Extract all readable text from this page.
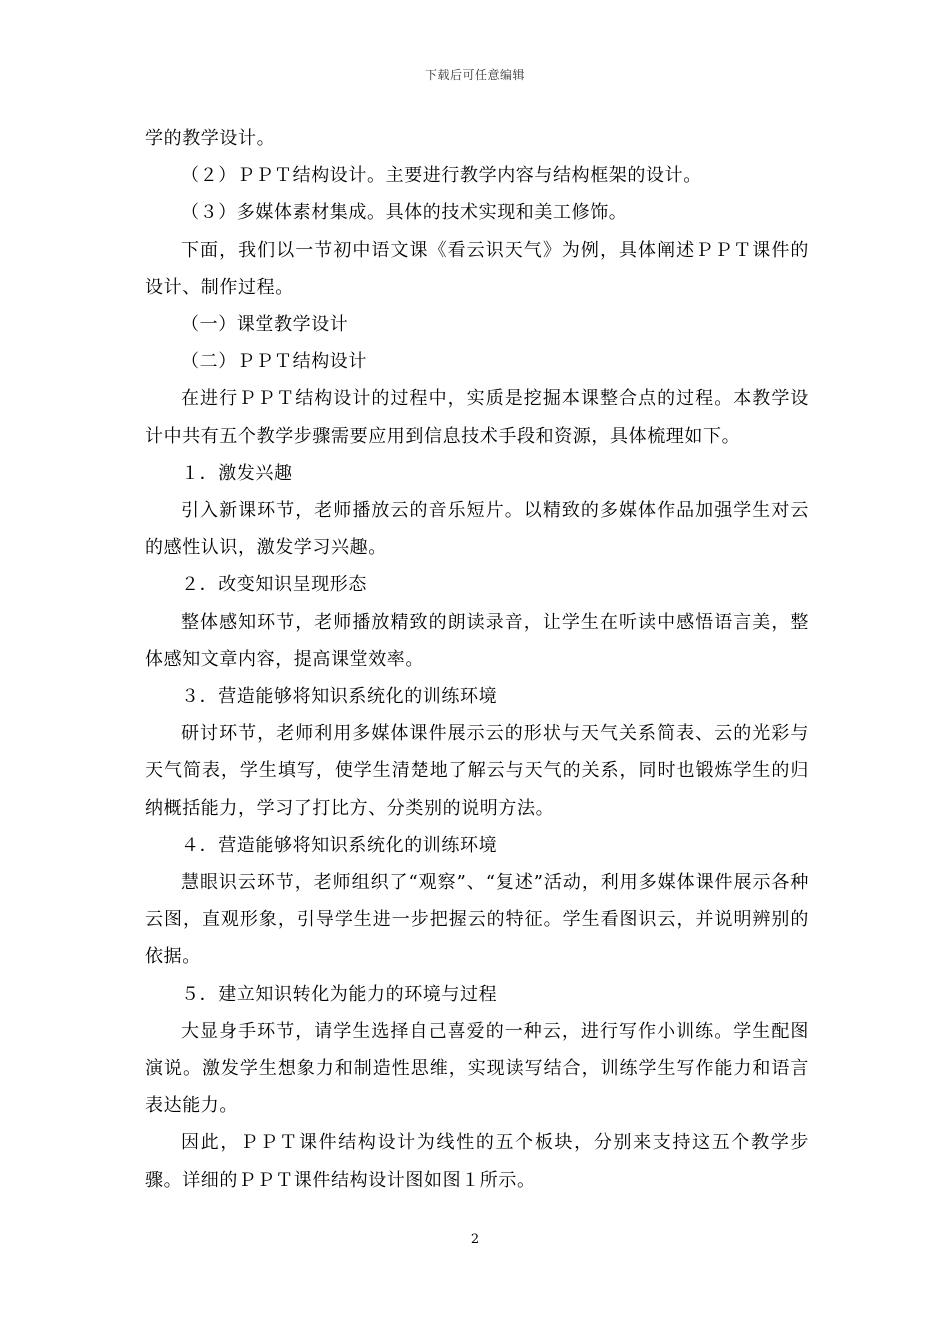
下载后可任意编辑

学的教学设计。

（２）ＰＰＴ结构设计。主要进行教学内容与结构框架的设计。

（３）多媒体素材集成。具体的技术实现和美工修饰。

下面，我们以一节初中语文课《看云识天气》为例，具体阐述ＰＰＴ课件的设计、制作过程。

（一）课堂教学设计

（二）ＰＰＴ结构设计

在进行ＰＰＴ结构设计的过程中，实质是挖掘本课整合点的过程。本教学设计中共有五个教学步骤需要应用到信息技术手段和资源，具体梳理如下。

１．激发兴趣

引入新课环节，老师播放云的音乐短片。以精致的多媒体作品加强学生对云的感性认识，激发学习兴趣。

２．改变知识呈现形态

整体感知环节，老师播放精致的朗读录音，让学生在听读中感悟语言美，整体感知文章内容，提高课堂效率。

３．营造能够将知识系统化的训练环境

研讨环节，老师利用多媒体课件展示云的形状与天气关系简表、云的光彩与天气简表，学生填写，使学生清楚地了解云与天气的关系，同时也锻炼学生的归纳概括能力，学习了打比方、分类别的说明方法。

４．营造能够将知识系统化的训练环境

慧眼识云环节，老师组织了“观察”、“复述”活动，利用多媒体课件展示各种云图，直观形象，引导学生进一步把握云的特征。学生看图识云，并说明辨别的依据。

５．建立知识转化为能力的环境与过程

大显身手环节，请学生选择自己喜爱的一种云，进行写作小训练。学生配图演说。激发学生想象力和制造性思维，实现读写结合，训练学生写作能力和语言表达能力。

因此，ＰＰＴ课件结构设计为线性的五个板块，分别来支持这五个教学步骤。详细的ＰＰＴ课件结构设计图如图１所示。

2
